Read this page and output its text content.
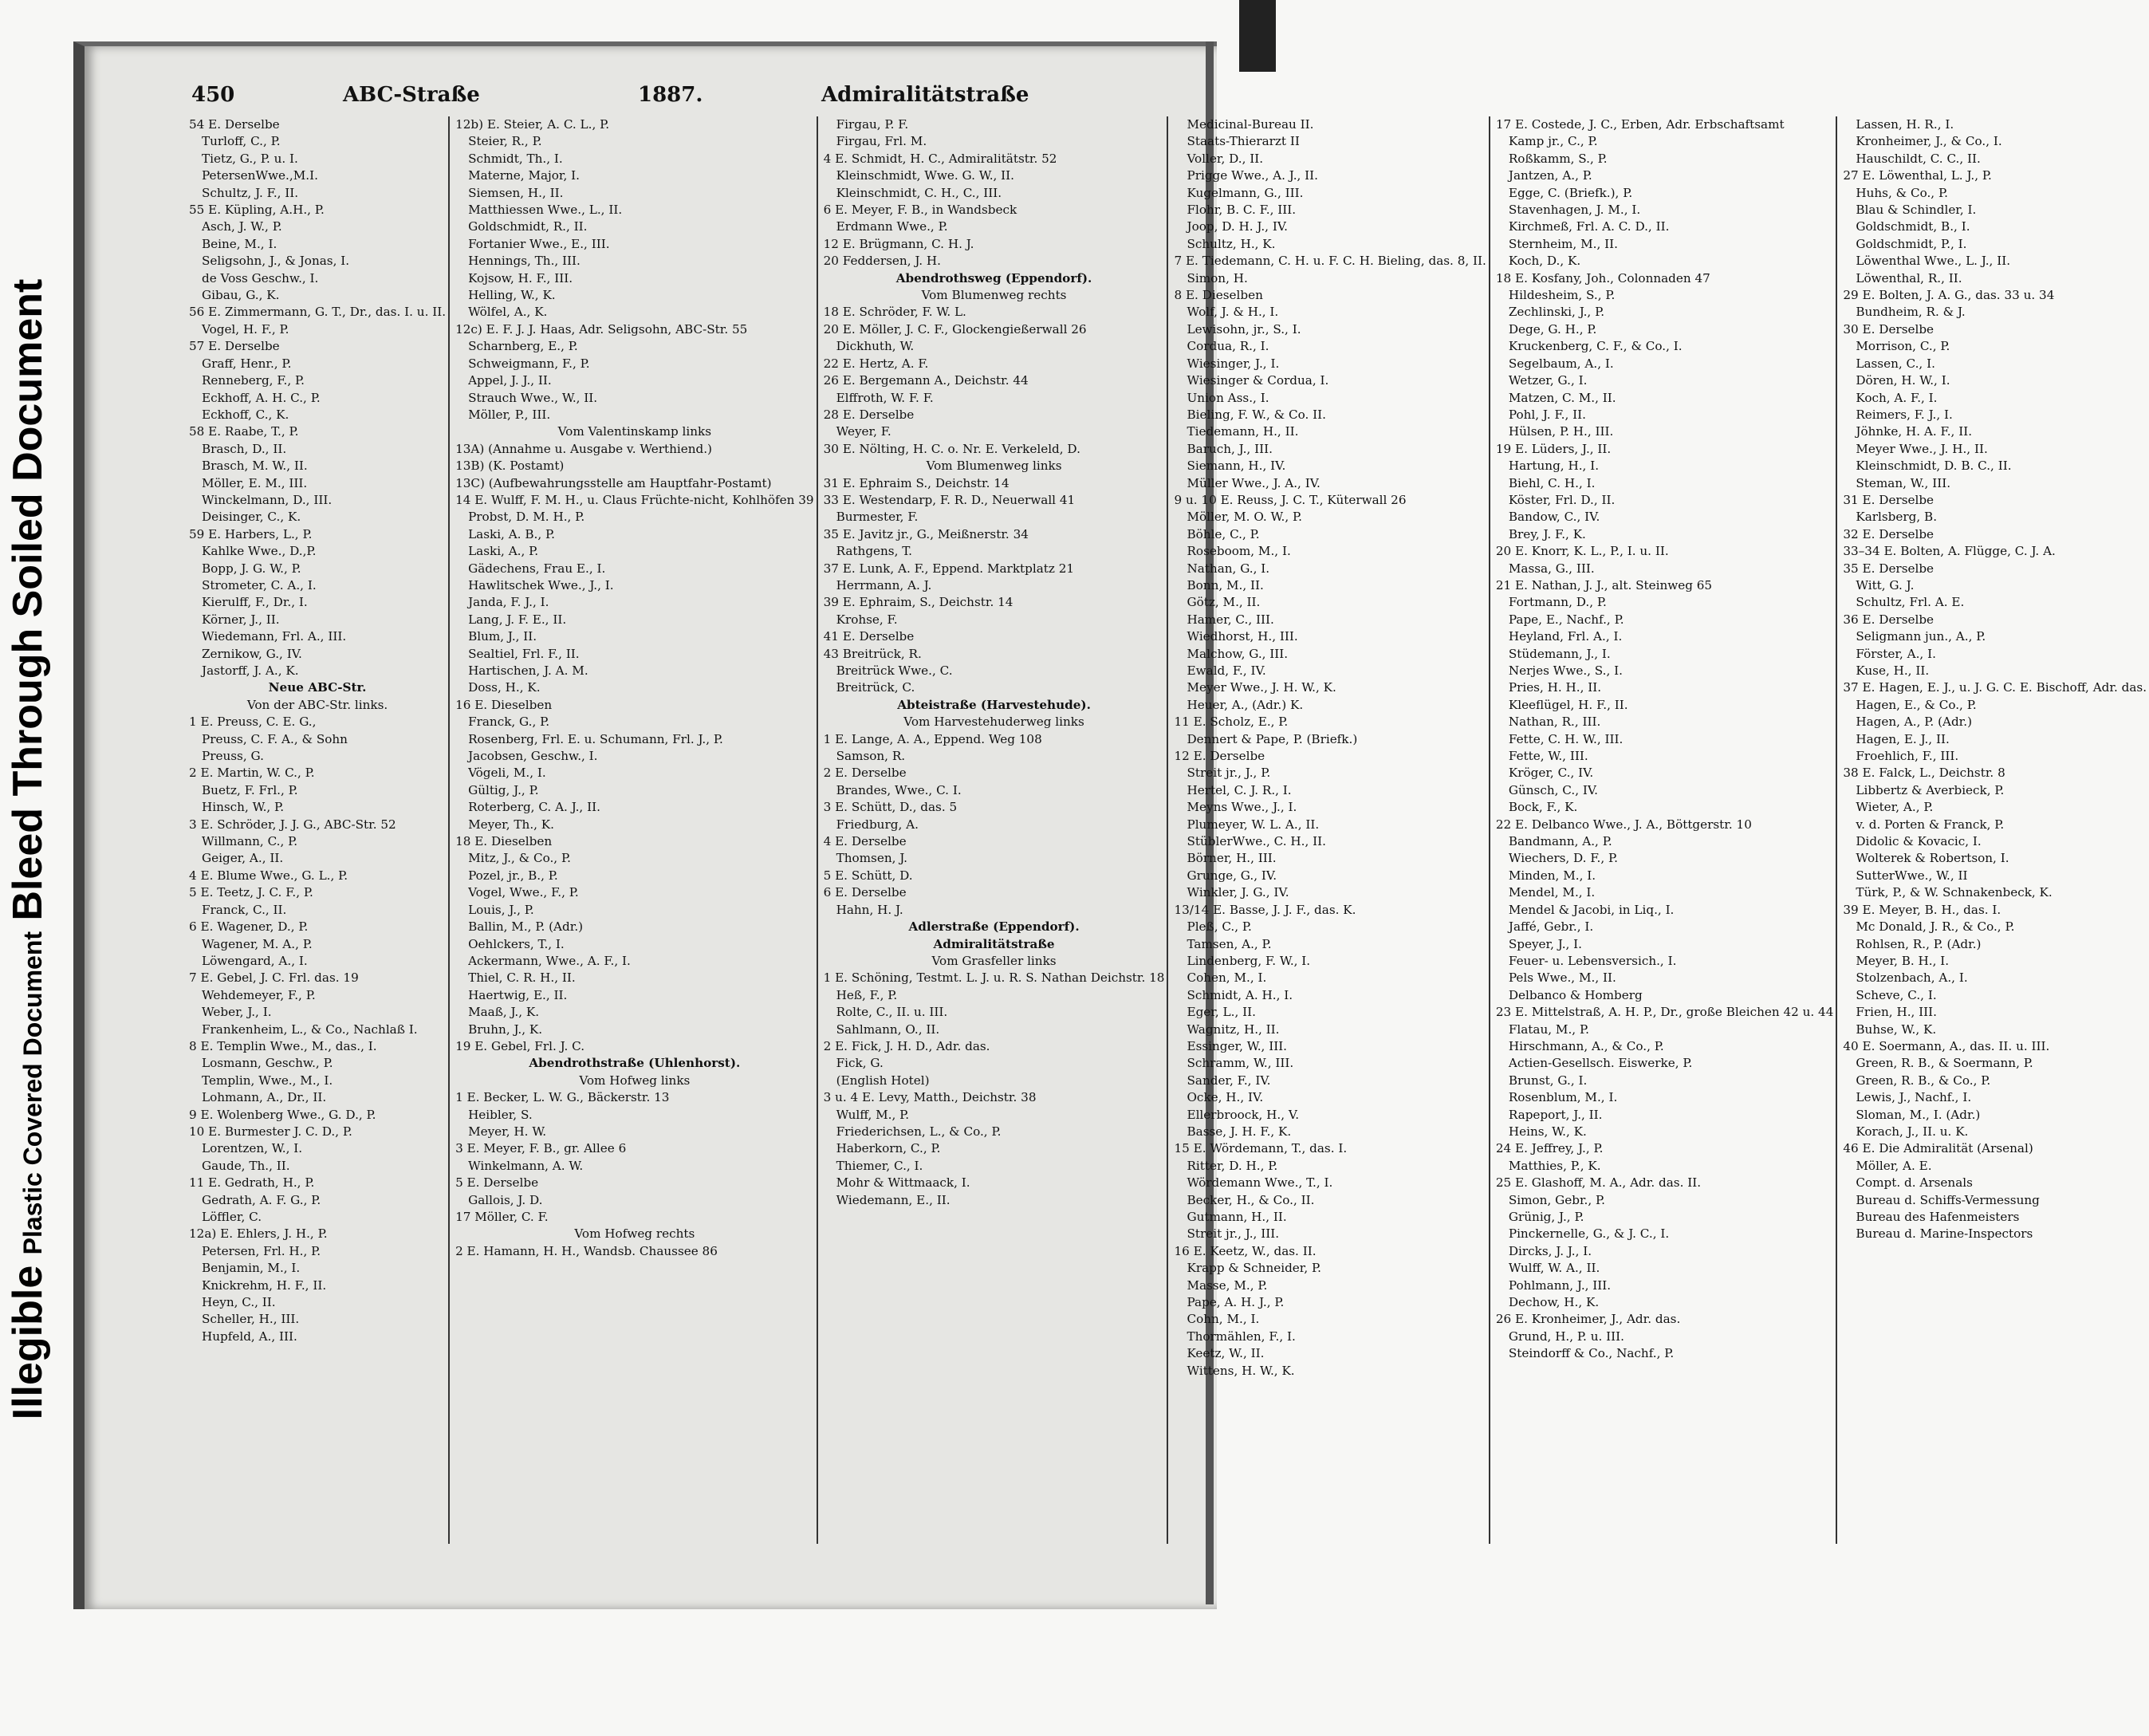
Illegible   Plastic Covered Document   Bleed Through   Soiled Document
450	ABC-Straße	1887.	Admiralitätstraße
54 E. Derselbe
Turloff, C., P.
Tietz, G., P. u. I.
PetersenWwe.,M.I.
Schultz, J. F., II.
55 E. Küpling, A.H., P.
Asch, J. W., P.
Beine, M., I.
Seligsohn, J., & Jonas, I.
de Voss Geschw., I.
Gibau, G., K.
56 E. Zimmermann, G. T., Dr., das. I. u. II.
Vogel, H. F., P.
57 E. Derselbe
Graff, Henr., P.
Renneberg, F., P.
Eckhoff, A. H. C., P.
Eckhoff, C., K.
58 E. Raabe, T., P.
Brasch, D., II.
Brasch, M. W., II.
Möller, E. M., III.
Winckelmann, D., III.
Deisinger, C., K.
59 E. Harbers, L., P.
Kahlke Wwe., D.,P.
Bopp, J. G. W., P.
Strometer, C. A., I.
Kierulff, F., Dr., I.
Körner, J., II.
Wiedemann, Frl. A., III.
Zernikow, G., IV.
Jastorff, J. A., K.
Neue ABC-Str.
Von der ABC-Str. links.
1 E. Preuss, C. E. G.,
Preuss, C. F. A., & Sohn
Preuss, G.
2 E. Martin, W. C., P.
Buetz, F. Frl., P.
Hinsch, W., P.
3 E. Schröder, J. J. G., ABC-Str. 52
Willmann, C., P.
Geiger, A., II.
4 E. Blume Wwe., G. L., P.
5 E. Teetz, J. C. F., P.
Franck, C., II.
6 E. Wagener, D., P.
Wagener, M. A., P.
Löwengard, A., I.
7 E. Gebel, J. C. Frl. das. 19
Wehdemeyer, F., P.
Weber, J., I.
Frankenheim, L., & Co., Nachlaß I.
8 E. Templin Wwe., M., das., I.
Losmann, Geschw., P.
Templin, Wwe., M., I.
Lohmann, A., Dr., II.
9 E. Wolenberg Wwe., G. D., P.
10 E. Burmester J. C. D., P.
Lorentzen, W., I.
Gaude, Th., II.
11 E. Gedrath, H., P.
Gedrath, A. F. G., P.
Löffler, C.
12a) E. Ehlers, J. H., P.
Petersen, Frl. H., P.
Benjamin, M., I.
Knickrehm, H. F., II.
Heyn, C., II.
Scheller, H., III.
Hupfeld, A., III.
12b) E. Steier, A. C. L., P.
Steier, R., P.
Schmidt, Th., I.
Materne, Major, I.
Siemsen, H., II.
Matthiessen Wwe., L., II.
Goldschmidt, R., II.
Fortanier Wwe., E., III.
Hennings, Th., III.
Kojsow, H. F., III.
Helling, W., K.
Wölfel, A., K.
12c) E. F. J. J. Haas, Adr. Seligsohn, ABC-Str. 55
Scharnberg, E., P.
Schweigmann, F., P.
Appel, J. J., II.
Strauch Wwe., W., II.
Möller, P., III.
Vom Valentinskamp links
13A) (Annahme u. Ausgabe v. Werthiend.)
13B) (K. Postamt)
13C) (Aufbewahrungsstelle am Hauptfahr-Postamt)
14 E. Wulff, F. M. H., u. Claus Früchte-nicht, Kohlhöfen 39
Probst, D. M. H., P.
Laski, A. B., P.
Laski, A., P.
Gädechens, Frau E., I.
Hawlitschek Wwe., J., I.
Janda, F. J., I.
Lang, J. F. E., II.
Blum, J., II.
Sealtiel, Frl. F., II.
Hartischen, J. A. M.
Doss, H., K.
16 E. Dieselben
Franck, G., P.
Rosenberg, Frl. E. u. Schumann, Frl. J., P.
Jacobsen, Geschw., I.
Vögeli, M., I.
Gültig, J., P.
Roterberg, C. A. J., II.
Meyer, Th., K.
18 E. Dieselben
Mitz, J., & Co., P.
Pozel, jr., B., P.
Vogel, Wwe., F., P.
Louis, J., P.
Ballin, M., P. (Adr.)
Oehlckers, T., I.
Ackermann, Wwe., A. F., I.
Thiel, C. R. H., II.
Haertwig, E., II.
Maaß, J., K.
Bruhn, J., K.
19 E. Gebel, Frl. J. C.
Abendrothstraße (Uhlenhorst).
Vom Hofweg links
1 E. Becker, L. W. G., Bäckerstr. 13
Heibler, S.
Meyer, H. W.
3 E. Meyer, F. B., gr. Allee 6
Winkelmann, A. W.
5 E. Derselbe
Gallois, J. D.
17 Möller, C. F.
Vom Hofweg rechts
2 E. Hamann, H. H., Wandsb. Chaussee 86
Firgau, P. F.
Firgau, Frl. M.
4 E. Schmidt, H. C., Admiralitätstr. 52
Kleinschmidt, Wwe. G. W., II.
Kleinschmidt, C. H., C., III.
6 E. Meyer, F. B., in Wandsbeck
Erdmann Wwe., P.
12 E. Brügmann, C. H. J.
20 Feddersen, J. H.
Abendrothsweg (Eppendorf).
Vom Blumenweg rechts
18 E. Schröder, F. W. L.
20 E. Möller, J. C. F., Glockengießerwall 26
Dickhuth, W.
22 E. Hertz, A. F.
26 E. Bergemann A., Deichstr. 44
Elffroth, W. F. F.
28 E. Derselbe
Weyer, F.
30 E. Nölting, H. C. o. Nr. E. Verkeleld, D.
Vom Blumenweg links
31 E. Ephraim S., Deichstr. 14
33 E. Westendarp, F. R. D., Neuerwall 41
Burmester, F.
35 E. Javitz jr., G., Meißnerstr. 34
Rathgens, T.
37 E. Lunk, A. F., Eppend. Marktplatz 21
Herrmann, A. J.
39 E. Ephraim, S., Deichstr. 14
Krohse, F.
41 E. Derselbe
43 Breitrück, R.
Breitrück Wwe., C.
Breitrück, C.
Abteistraße (Harvestehude).
Vom Harvestehuderweg links
1 E. Lange, A. A., Eppend. Weg 108
Samson, R.
2 E. Derselbe
Brandes, Wwe., C. I.
3 E. Schütt, D., das. 5
Friedburg, A.
4 E. Derselbe
Thomsen, J.
5 E. Schütt, D.
6 E. Derselbe
Hahn, H. J.
Adlerstraße (Eppendorf).
Admiralitätstraße
Vom Grasfeller links
1 E. Schöning, Testmt. L. J. u. R. S. Nathan Deichstr. 18
Heß, F., P.
Rolte, C., II. u. III.
Sahlmann, O., II.
2 E. Fick, J. H. D., Adr. das.
Fick, G.
(English Hotel)
3 u. 4 E. Levy, Matth., Deichstr. 38
Wulff, M., P.
Friederichsen, L., & Co., P.
Haberkorn, C., P.
Thiemer, C., I.
Mohr & Wittmaack, I.
Wiedemann, E., II.
Medicinal-Bureau II.
Staats-Thierarzt II
Voller, D., II.
Prigge Wwe., A. J., II.
Kugelmann, G., III.
Flohr, B. C. F., III.
Joop, D. H. J., IV.
Schultz, H., K.
7 E. Tiedemann, C. H. u. F. C. H. Bieling, das. 8, II.
Simon, H.
8 E. Dieselben
Wolf, J. & H., I.
Lewisohn, jr., S., I.
Cordua, R., I.
Wiesinger, J., I.
Wiesinger & Cordua, I.
Union Ass., I.
Bieling, F. W., & Co. II.
Tiedemann, H., II.
Baruch, J., III.
Siemann, H., IV.
Müller Wwe., J. A., IV.
9 u. 10 E. Reuss, J. C. T., Küterwall 26
Möller, M. O. W., P.
Böhle, C., P.
Roseboom, M., I.
Nathan, G., I.
Bonn, M., II.
Götz, M., II.
Hamer, C., III.
Wiedhorst, H., III.
Malchow, G., III.
Ewald, F., IV.
Meyer Wwe., J. H. W., K.
Heuer, A., (Adr.) K.
11 E. Scholz, E., P.
Dennert & Pape, P. (Briefk.)
12 E. Derselbe
Streit jr., J., P.
Hertel, C. J. R., I.
Meyns Wwe., J., I.
Plumeyer, W. L. A., II.
StüblerWwe., C. H., II.
Börner, H., III.
Grunge, G., IV.
Winkler, J. G., IV.
13/14 E. Basse, J. J. F., das. K.
Pleß, C., P.
Tamsen, A., P.
Lindenberg, F. W., I.
Cohen, M., I.
Schmidt, A. H., I.
Eger, L., II.
Wagnitz, H., II.
Essinger, W., III.
Schramm, W., III.
Sander, F., IV.
Ocke, H., IV.
Ellerbroock, H., V.
Basse, J. H. F., K.
15 E. Wördemann, T., das. I.
Ritter, D. H., P.
Wördemann Wwe., T., I.
Becker, H., & Co., II.
Gutmann, H., II.
Streit jr., J., III.
16 E. Keetz, W., das. II.
Krapp & Schneider, P.
Masse, M., P.
Pape, A. H. J., P.
Cohn, M., I.
Thormählen, F., I.
Keetz, W., II.
Wittens, H. W., K.
17 E. Costede, J. C., Erben, Adr. Erbschaftsamt
Kamp jr., C., P.
Roßkamm, S., P.
Jantzen, A., P.
Egge, C. (Briefk.), P.
Stavenhagen, J. M., I.
Kirchmeß, Frl. A. C. D., II.
Sternheim, M., II.
Koch, D., K.
18 E. Kosfany, Joh., Colonnaden 47
Hildesheim, S., P.
Zechlinski, J., P.
Dege, G. H., P.
Kruckenberg, C. F., & Co., I.
Segelbaum, A., I.
Wetzer, G., I.
Matzen, C. M., II.
Pohl, J. F., II.
Hülsen, P. H., III.
19 E. Lüders, J., II.
Hartung, H., I.
Biehl, C. H., I.
Köster, Frl. D., II.
Bandow, C., IV.
Brey, J. F., K.
20 E. Knorr, K. L., P., I. u. II.
Massa, G., III.
21 E. Nathan, J. J., alt. Steinweg 65
Fortmann, D., P.
Pape, E., Nachf., P.
Heyland, Frl. A., I.
Stüdemann, J., I.
Nerjes Wwe., S., I.
Pries, H. H., II.
Kleeflügel, H. F., II.
Nathan, R., III.
Fette, C. H. W., III.
Fette, W., III.
Kröger, C., IV.
Günsch, C., IV.
Bock, F., K.
22 E. Delbanco Wwe., J. A., Böttgerstr. 10
Bandmann, A., P.
Wiechers, D. F., P.
Minden, M., I.
Mendel, M., I.
Mendel & Jacobi, in Liq., I.
Jaffé, Gebr., I.
Speyer, J., I.
Feuer- u. Lebensversich., I.
Pels Wwe., M., II.
Delbanco & Homberg
23 E. Mittelstraß, A. H. P., Dr., große Bleichen 42 u. 44
Flatau, M., P.
Hirschmann, A., & Co., P.
Actien-Gesellsch. Eiswerke, P.
Brunst, G., I.
Rosenblum, M., I.
Rapeport, J., II.
Heins, W., K.
24 E. Jeffrey, J., P.
Matthies, P., K.
25 E. Glashoff, M. A., Adr. das. II.
Simon, Gebr., P.
Grünig, J., P.
Pinckernelle, G., & J. C., I.
Dircks, J. J., I.
Wulff, W. A., II.
Pohlmann, J., III.
Dechow, H., K.
26 E. Kronheimer, J., Adr. das.
Grund, H., P. u. III.
Steindorff & Co., Nachf., P.
Lassen, H. R., I.
Kronheimer, J., & Co., I.
Hauschildt, C. C., II.
27 E. Löwenthal, L. J., P.
Huhs, & Co., P.
Blau & Schindler, I.
Goldschmidt, B., I.
Goldschmidt, P., I.
Löwenthal Wwe., L. J., II.
Löwenthal, R., II.
29 E. Bolten, J. A. G., das. 33 u. 34
Bundheim, R. & J.
30 E. Derselbe
Morrison, C., P.
Lassen, C., I.
Dören, H. W., I.
Koch, A. F., I.
Reimers, F. J., I.
Jöhnke, H. A. F., II.
Meyer Wwe., J. H., II.
Kleinschmidt, D. B. C., II.
Steman, W., III.
31 E. Derselbe
Karlsberg, B.
32 E. Derselbe
33–34 E. Bolten, A. Flügge, C. J. A.
35 E. Derselbe
Witt, G. J.
Schultz, Frl. A. E.
36 E. Derselbe
Seligmann jun., A., P.
Förster, A., I.
Kuse, H., II.
37 E. Hagen, E. J., u. J. G. C. E. Bischoff, Adr. das.
Hagen, E., & Co., P.
Hagen, A., P. (Adr.)
Hagen, E. J., II.
Froehlich, F., III.
38 E. Falck, L., Deichstr. 8
Libbertz & Averbieck, P.
Wieter, A., P.
v. d. Porten & Franck, P.
Didolic & Kovacic, I.
Wolterek & Robertson, I.
SutterWwe., W., II
Türk, P., & W. Schnakenbeck, K.
39 E. Meyer, B. H., das. I.
Mc Donald, J. R., & Co., P.
Rohlsen, R., P. (Adr.)
Meyer, B. H., I.
Stolzenbach, A., I.
Scheve, C., I.
Frien, H., III.
Buhse, W., K.
40 E. Soermann, A., das. II. u. III.
Green, R. B., & Soermann, P.
Green, R. B., & Co., P.
Lewis, J., Nachf., I.
Sloman, M., I. (Adr.)
Korach, J., II. u. K.
46 E. Die Admiralität (Arsenal)
Möller, A. E.
Compt. d. Arsenals
Bureau d. Schiffs-Vermessung
Bureau des Hafenmeisters
Bureau d. Marine-Inspectors
